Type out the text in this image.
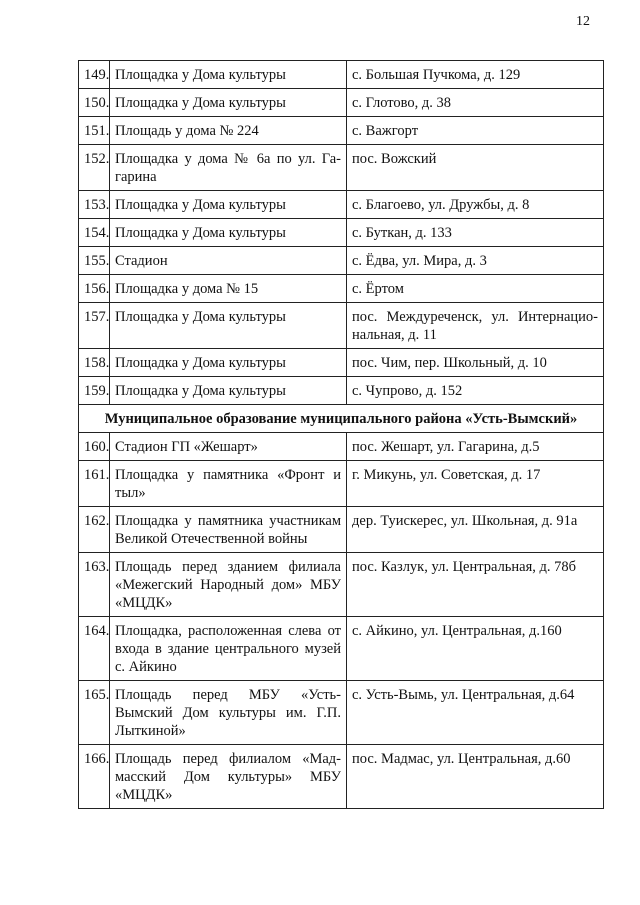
12
149.	Площадка у Дома культуры	с. Большая Пучкома, д. 129
150.	Площадка у Дома культуры	с. Глотово, д. 38
151.	Площадь у дома № 224	с. Важгорт
152.	Площадка у дома № 6а по ул. Га-гарина	пос. Вожский
153.	Площадка у Дома культуры	с. Благоево, ул. Дружбы, д. 8
154.	Площадка у Дома культуры	с. Буткан, д. 133
155.	Стадион	с. Ёдва, ул. Мира, д. 3
156.	Площадка у дома № 15	с. Ёртом
157.	Площадка у Дома культуры	пос. Междуреченск, ул. Интернацио-нальная, д. 11
158.	Площадка у Дома культуры	пос. Чим, пер. Школьный, д. 10
159.	Площадка у Дома культуры	с. Чупрово, д. 152
Муниципальное образование муниципального района «Усть-Вымский»		
160.	Стадион ГП «Жешарт»	пос. Жешарт, ул. Гагарина, д.5
161.	Площадка у памятника «Фронт и тыл»	г. Микунь, ул. Советская, д. 17
162.	Площадка у памятника участникам Великой Отечественной войны	дер. Туискерес, ул. Школьная, д. 91а
163.	Площадь перед зданием филиала «Межегский Народный дом» МБУ «МЦДК»	пос. Казлук, ул. Центральная, д. 78б
164.	Площадка, расположенная слева от входа в здание центрального музей с. Айкино	с. Айкино, ул. Центральная, д.160
165.	Площадь перед МБУ «Усть-Вымский Дом культуры им. Г.П. Лыткиной»	с. Усть-Вымь, ул. Центральная, д.64
166.	Площадь перед филиалом «Мад-масский Дом культуры» МБУ «МЦДК»	пос. Мадмас, ул. Центральная, д.60
